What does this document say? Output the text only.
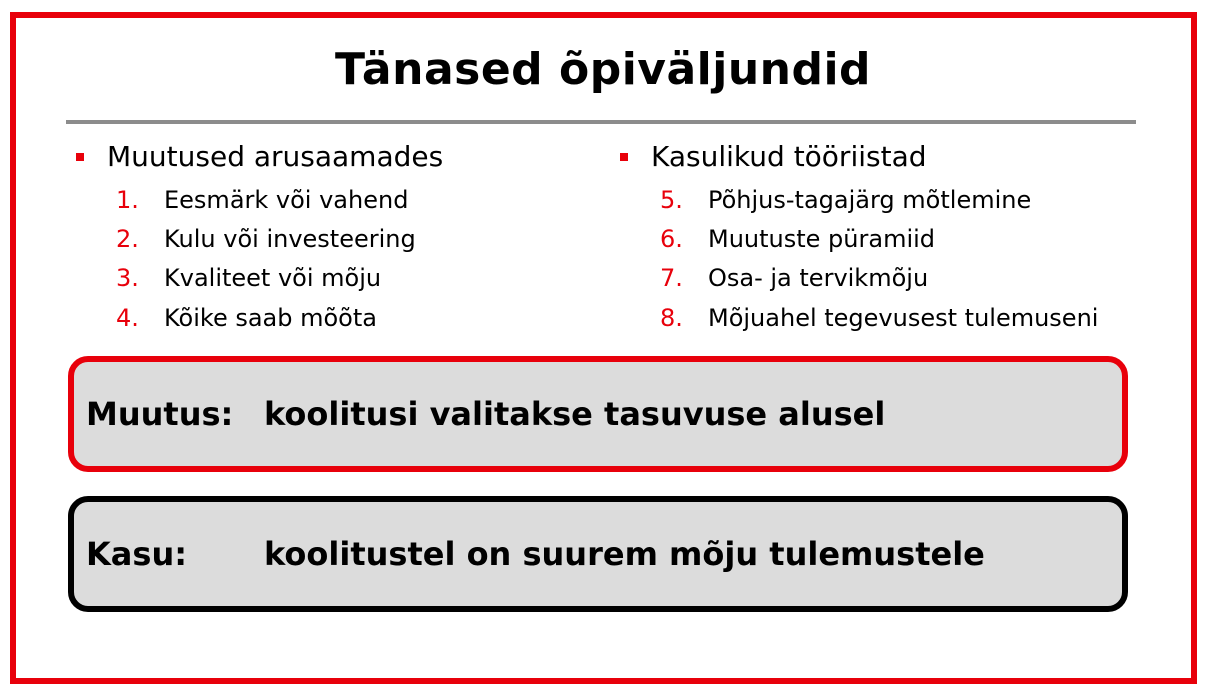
Tänased õpiväljundid
Muutused arusaamades
1.	Eesmärk või vahend
2.	Kulu või investeering
3.	Kvaliteet või mõju
4.	Kõike saab mõõta
Kasulikud tööriistad
5.	Põhjus-tagajärg mõtlemine
6.	Muutuste püramiid
7.	Osa- ja tervikmõju
8.	Mõjuahel tegevusest tulemuseni
Muutus: koolitusi valitakse tasuvuse alusel
Kasu:	koolitustel on suurem mõju tulemustele
